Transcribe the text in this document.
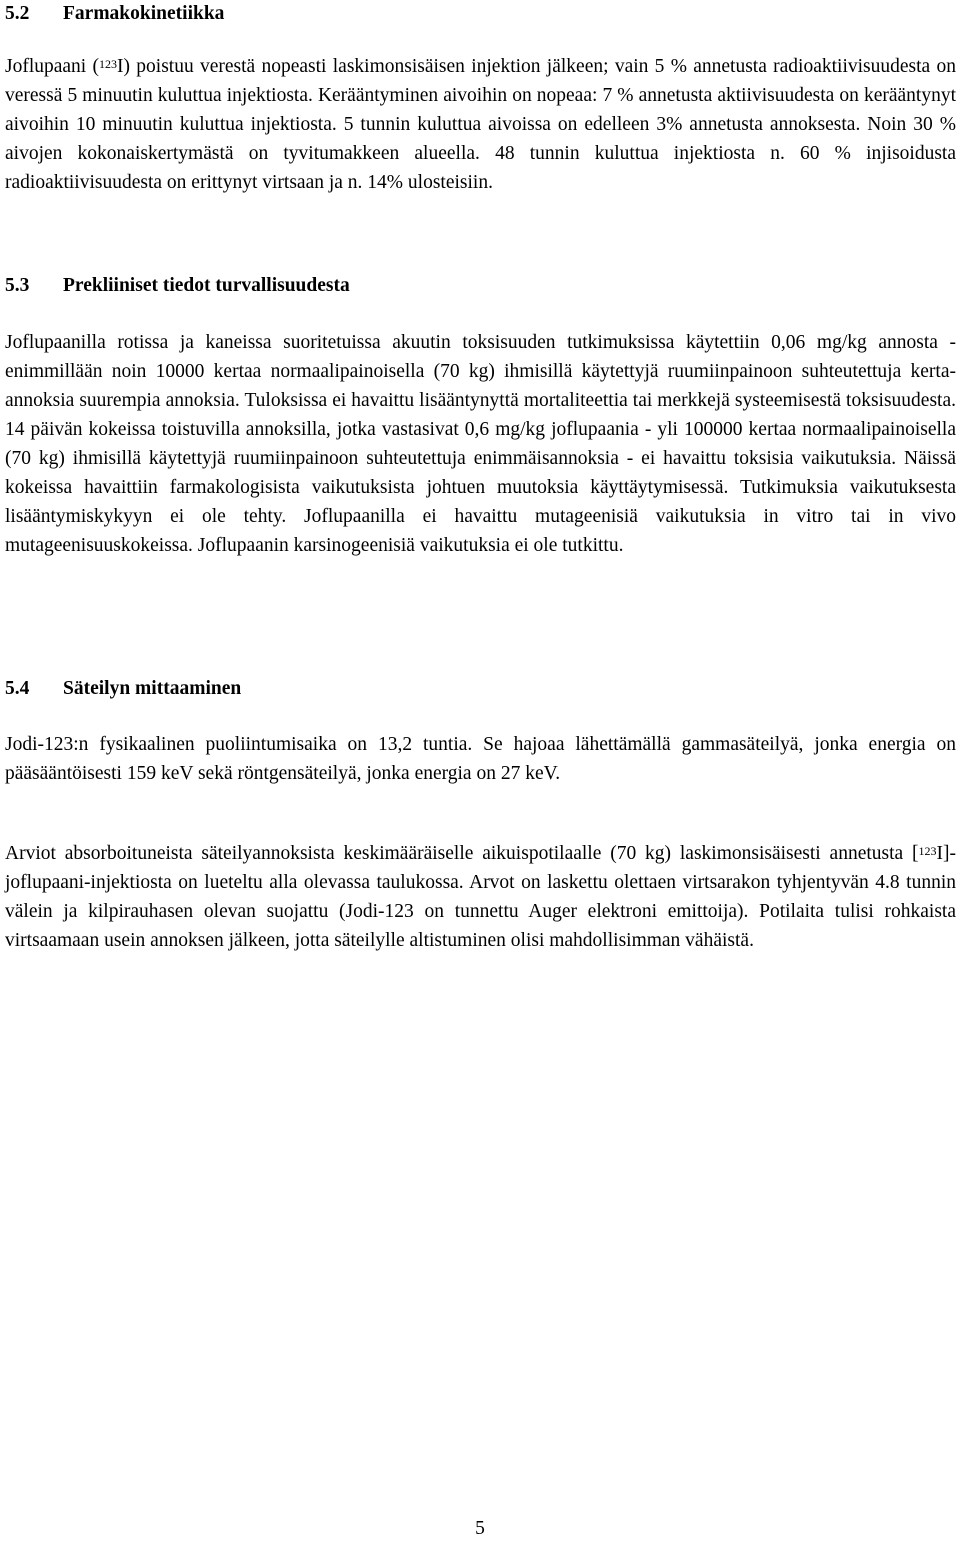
5.2 Farmakokinetiikka

Joflupaani ($^{123}$I) poistuu verestä nopeasti laskimonsisäisen injektion jälkeen; vain 5 % annetusta radioaktiivisuudesta on veressä 5 minuutin kuluttua injektiosta. Kerääntyminen aivoihin on nopeaa: 7 % annetusta aktiivisuudesta on kerääntynyt aivoihin 10 minuutin kuluttua injektiosta. 5 tunnin kuluttua aivoissa on edelleen 3% annetusta annoksesta. Noin 30 % aivojen kokonaiskertymästä on tyvitumakkeen alueella. 48 tunnin kuluttua injektiosta n. 60 % injisoidusta radioaktiivisuudesta on erittynyt virtsaan ja n. 14% ulosteisiin.

5.3 Prekliiniset tiedot turvallisuudesta

Joflupaanilla rotissa ja kaneissa suoritetuissa akuutin toksisuuden tutkimuksissa käytettiin 0,06 mg/kg annosta - enimmillään noin 10000 kertaa normaalipainoisella (70 kg) ihmisillä käytettyjä ruumiinpainoon suhteutettuja kerta-annoksia suurempia annoksia. Tuloksissa ei havaittu lisääntynyttä mortaliteettia tai merkkejä systeemisestä toksisuudesta. 14 päivän kokeissa toistuvilla annoksilla, jotka vastasivat 0,6 mg/kg joflupaania - yli 100000 kertaa normaalipainoisella (70 kg) ihmisillä käytettyjä ruumiinpainoon suhteutettuja enimmäisannoksia - ei havaittu toksisia vaikutuksia. Näissä kokeissa havaittiin farmakologisista vaikutuksista johtuen muutoksia käyttäytymisessä. Tutkimuksia vaikutuksesta lisääntymiskykyyn ei ole tehty. Joflupaanilla ei havaittu mutageenisiä vaikutuksia in vitro tai in vivo mutageenisuuskokeissa. Joflupaanin karsinogeenisiä vaikutuksia ei ole tutkittu.

5.4 Säteilyn mittaaminen

Jodi-123:n fysikaalinen puoliintumisaika on 13,2 tuntia. Se hajoaa lähettämällä gammasäteilyä, jonka energia on pääsääntöisesti 159 keV sekä röntgensäteilyä, jonka energia on 27 keV.

Arviot absorboituneista säteilyannoksista keskimääräiselle aikuispotilaalle (70 kg) laskimonsisäisesti annetusta [$^{123}$I]-joflupaani-injektiosta on lueteltu alla olevassa taulukossa. Arvot on laskettu olettaen virtsarakon tyhjentyvän 4.8 tunnin välein ja kilpirauhasen olevan suojattu (Jodi-123 on tunnettu Auger elektroni emittoija). Potilaita tulisi rohkaista virtsaamaan usein annoksen jälkeen, jotta säteilylle altistuminen olisi mahdollisimman vähäistä.

5
